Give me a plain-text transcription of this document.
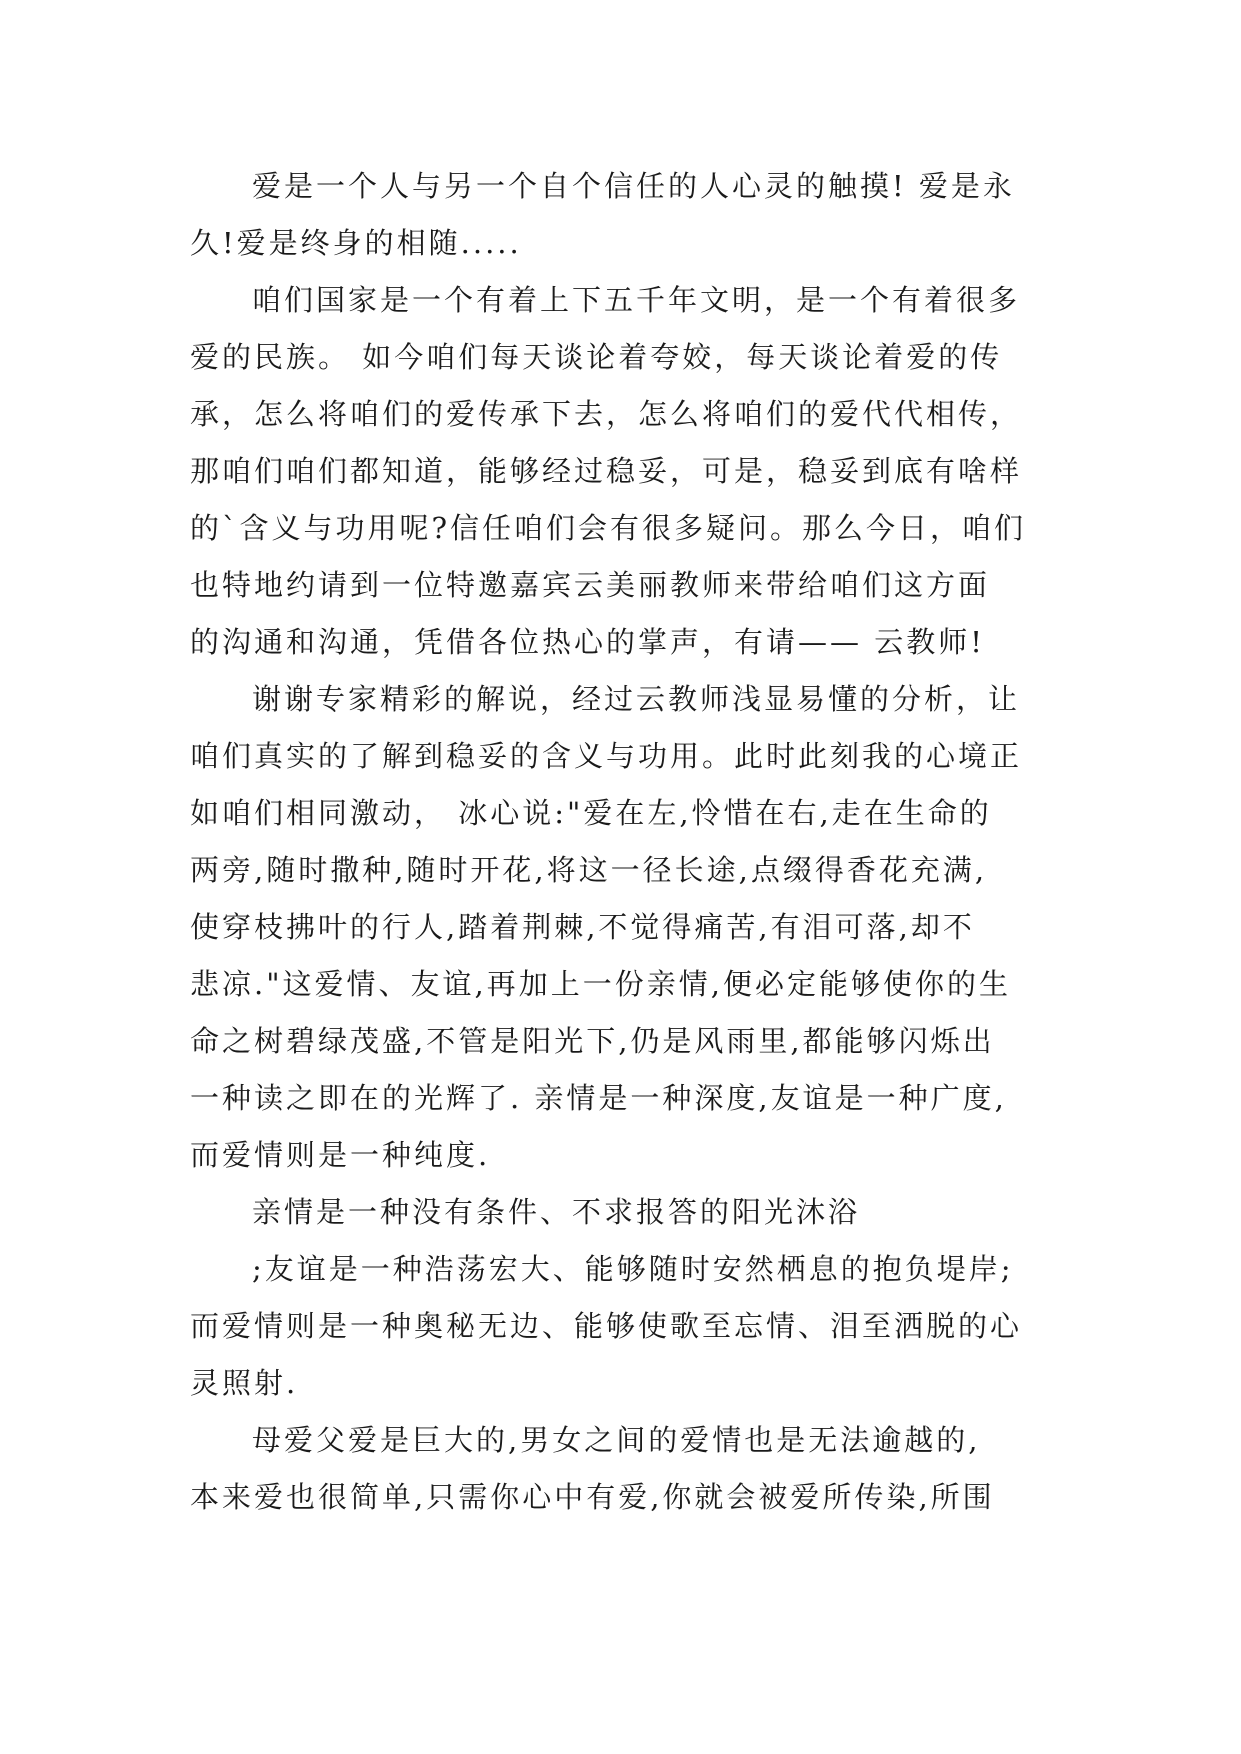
爱是一个人与另一个自个信任的人心灵的触摸! 爱是永
久!爱是终身的相随.....

咱们国家是一个有着上下五千年文明，是一个有着很多
爱的民族。 如今咱们每天谈论着夸姣，每天谈论着爱的传
承，怎么将咱们的爱传承下去，怎么将咱们的爱代代相传，
那咱们咱们都知道，能够经过稳妥，可是，稳妥到底有啥样
的`含义与功用呢?信任咱们会有很多疑问。那么今日，咱们
也特地约请到一位特邀嘉宾云美丽教师来带给咱们这方面
的沟通和沟通，凭借各位热心的掌声，有请—— 云教师!

谢谢专家精彩的解说，经过云教师浅显易懂的分析，让
咱们真实的了解到稳妥的含义与功用。此时此刻我的心境正
如咱们相同激动， 冰心说:"爱在左,怜惜在右,走在生命的
两旁,随时撒种,随时开花,将这一径长途,点缀得香花充满,
使穿枝拂叶的行人,踏着荆棘,不觉得痛苦,有泪可落,却不
悲凉."这爱情、友谊,再加上一份亲情,便必定能够使你的生
命之树碧绿茂盛,不管是阳光下,仍是风雨里,都能够闪烁出
一种读之即在的光辉了. 亲情是一种深度,友谊是一种广度,
而爱情则是一种纯度.

亲情是一种没有条件、不求报答的阳光沐浴

;友谊是一种浩荡宏大、能够随时安然栖息的抱负堤岸;
而爱情则是一种奥秘无边、能够使歌至忘情、泪至洒脱的心
灵照射.

母爱父爱是巨大的,男女之间的爱情也是无法逾越的,
本来爱也很简单,只需你心中有爱,你就会被爱所传染,所围
